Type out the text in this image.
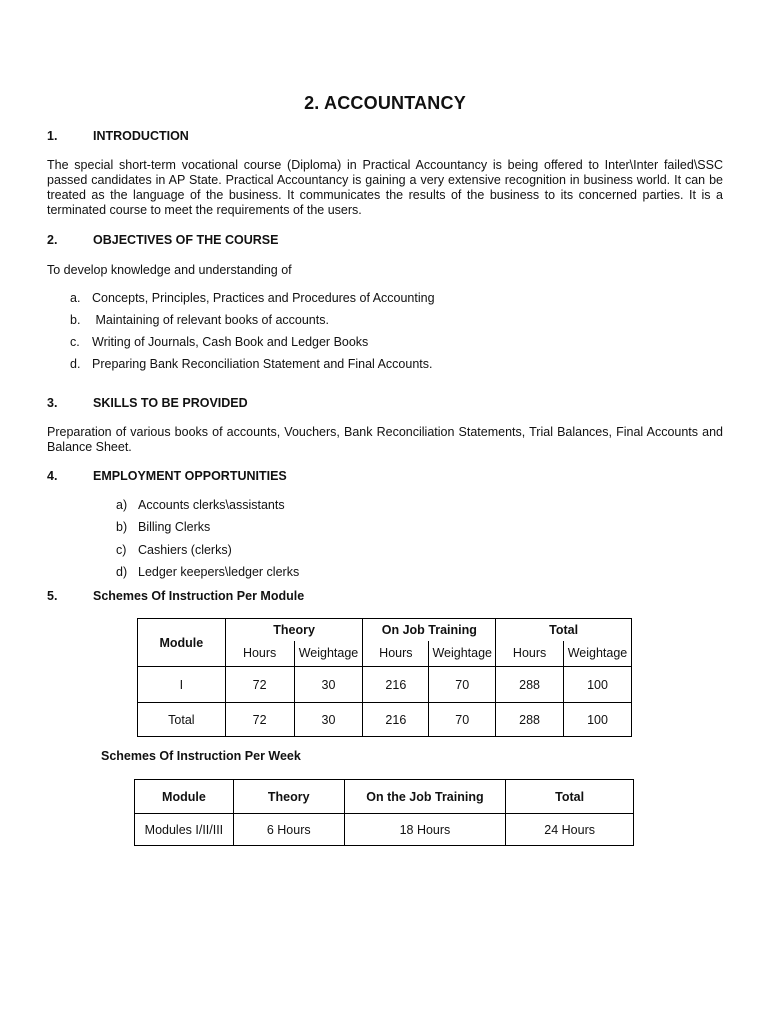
2. ACCOUNTANCY
1.	INTRODUCTION
The special short-term vocational course (Diploma) in Practical Accountancy is being offered to Inter\Inter failed\SSC passed candidates in AP State. Practical Accountancy is gaining a very extensive recognition in business world. It can be treated as the language of the business. It communicates the results of the business to its concerned parties. It is a terminated course to meet the requirements of the users.
2.	OBJECTIVES OF THE COURSE
To develop knowledge and understanding of
a. Concepts, Principles, Practices and Procedures of Accounting
b. Maintaining of relevant books of accounts.
c. Writing of Journals, Cash Book and Ledger Books
d. Preparing Bank Reconciliation Statement and Final Accounts.
3.	SKILLS TO BE PROVIDED
Preparation of various books of accounts, Vouchers, Bank Reconciliation Statements, Trial Balances, Final Accounts and Balance Sheet.
4.	EMPLOYMENT OPPORTUNITIES
a) Accounts clerks\assistants
b) Billing Clerks
c) Cashiers (clerks)
d) Ledger keepers\ledger clerks
5.	Schemes Of Instruction Per Module
Module	Theory		On Job Training		Total	
	Hours	Weightage	Hours	Weightage	Hours	Weightage
I	72	30	216	70	288	100
Total	72	30	216	70	288	100
Schemes Of Instruction Per Week
Module	Theory	On the Job Training	Total
Modules I/II/III	6 Hours	18 Hours	24 Hours
